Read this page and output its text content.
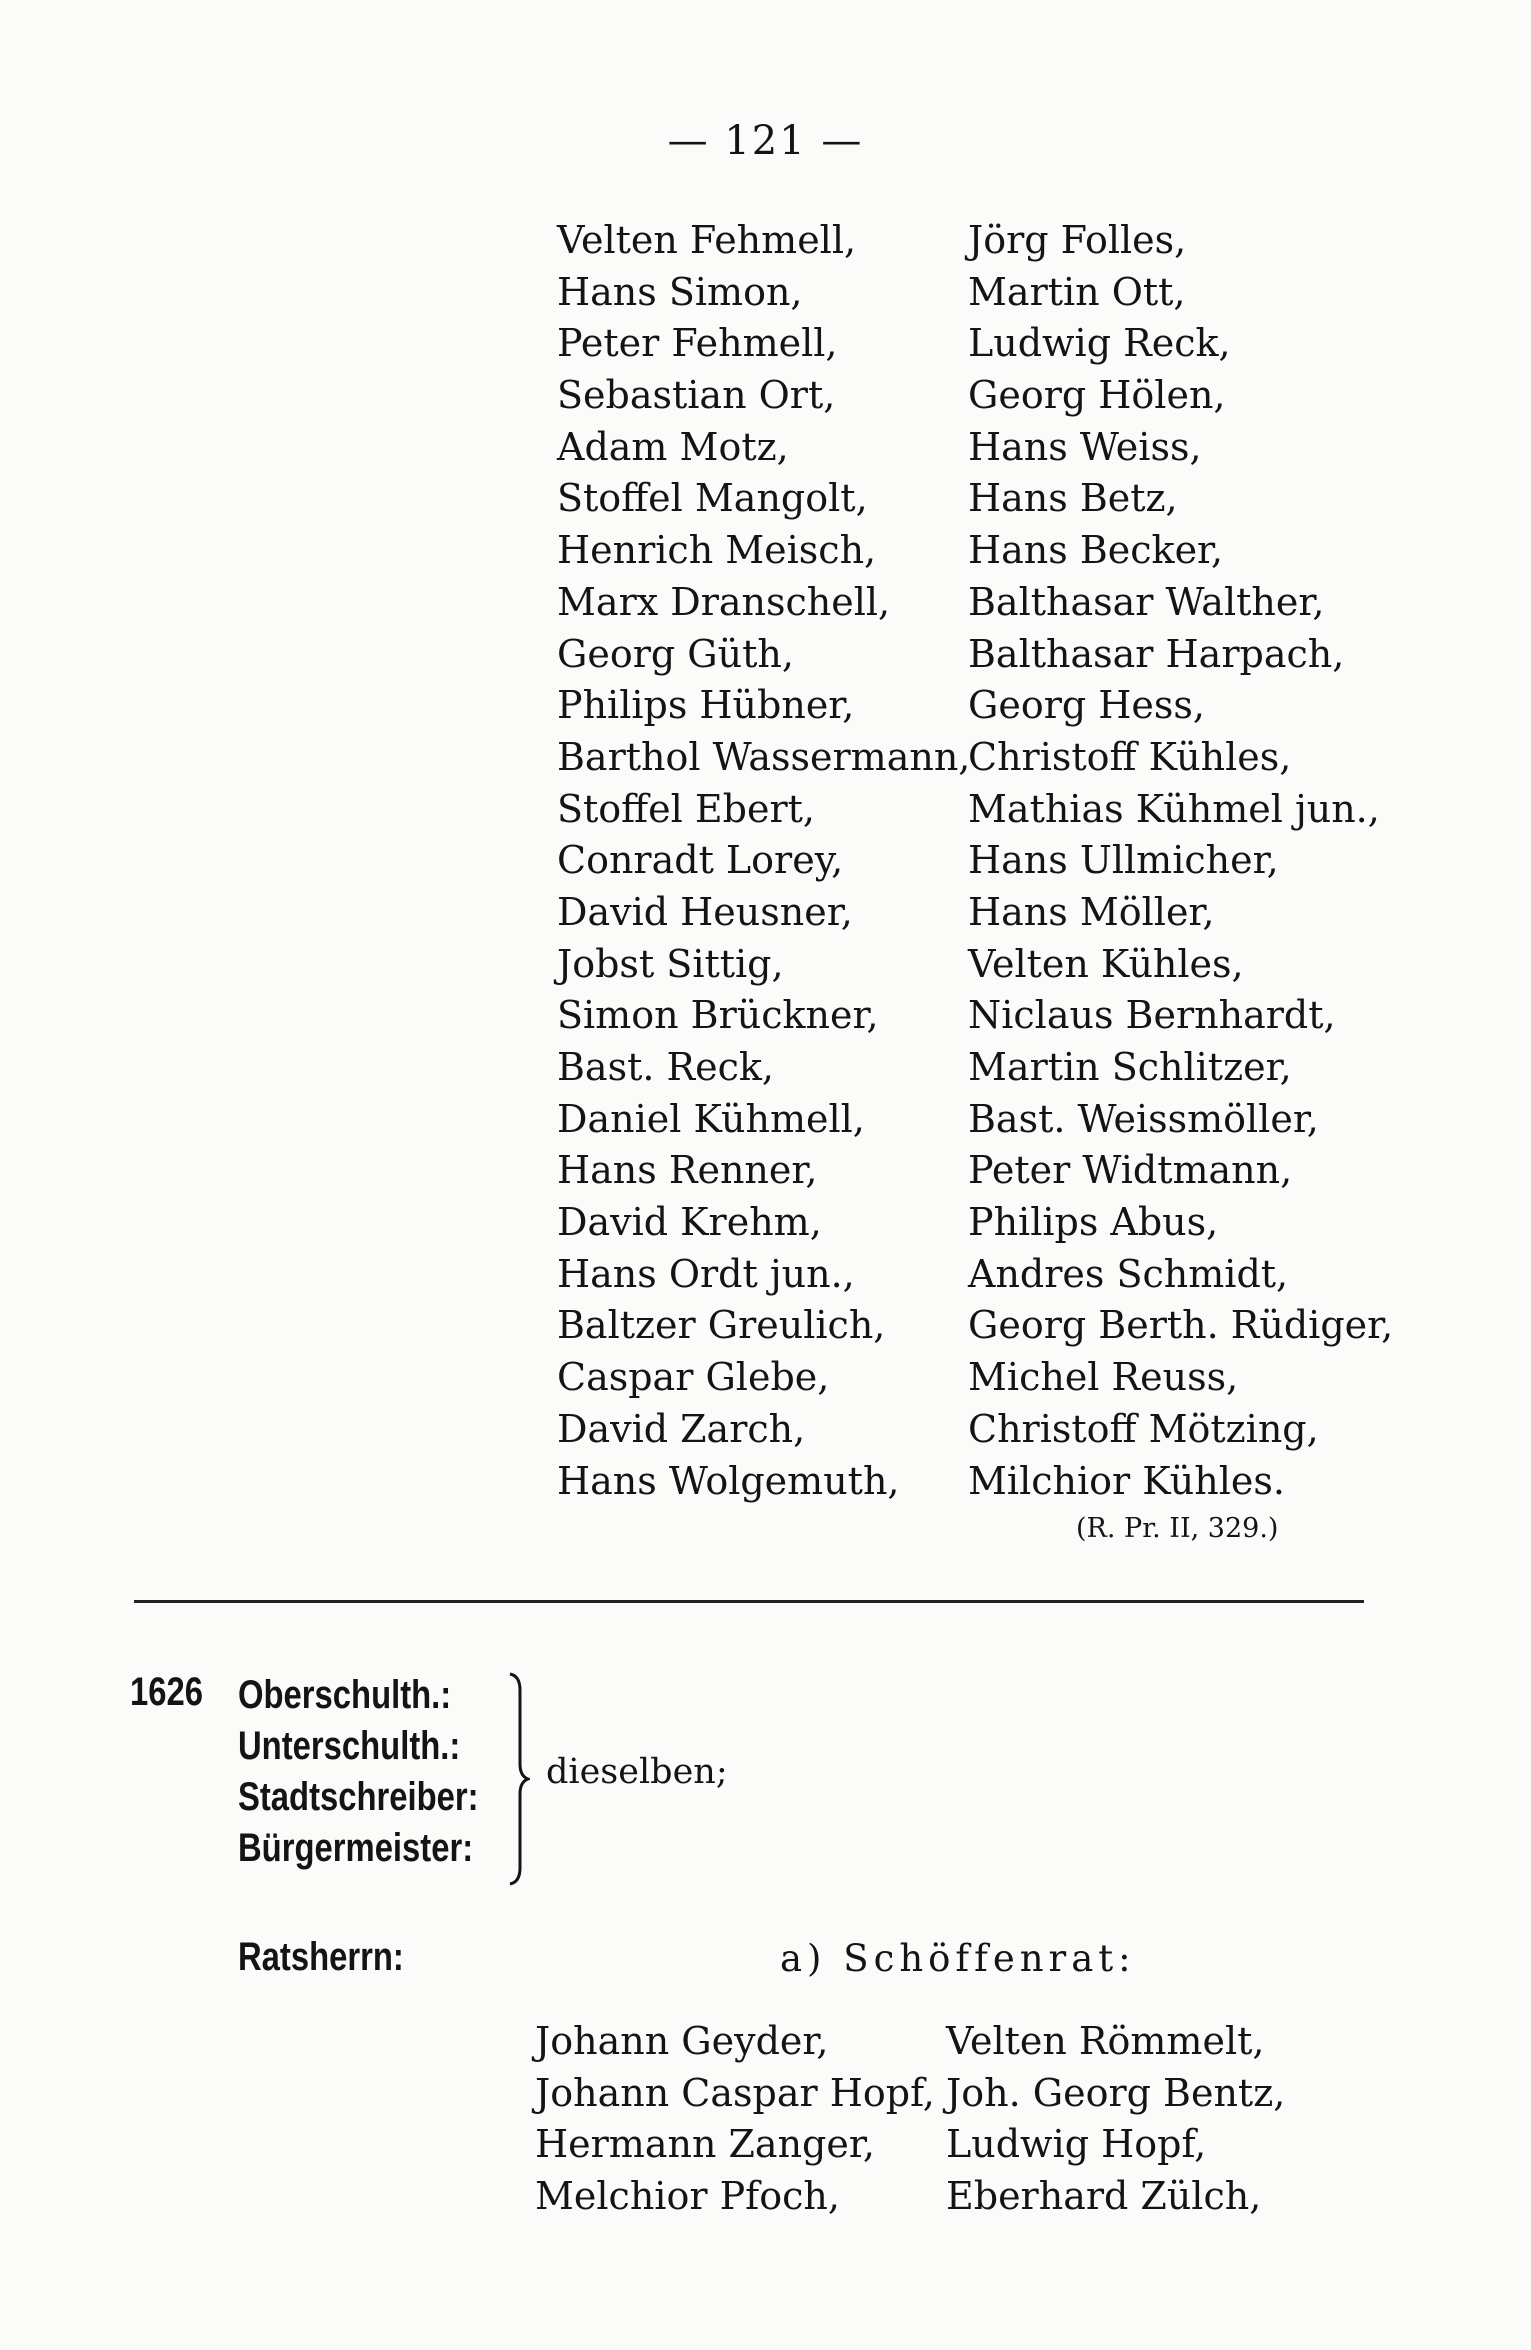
— 121 —
Velten Fehmell,
Hans Simon,
Peter Fehmell,
Sebastian Ort,
Adam Motz,
Stoffel Mangolt,
Henrich Meisch,
Marx Dranschell,
Georg Güth,
Philips Hübner,
Barthol Wassermann,
Stoffel Ebert,
Conradt Lorey,
David Heusner,
Jobst Sittig,
Simon Brückner,
Bast. Reck,
Daniel Kühmell,
Hans Renner,
David Krehm,
Hans Ordt jun.,
Baltzer Greulich,
Caspar Glebe,
David Zarch,
Hans Wolgemuth,
Jörg Folles,
Martin Ott,
Ludwig Reck,
Georg Hölen,
Hans Weiss,
Hans Betz,
Hans Becker,
Balthasar Walther,
Balthasar Harpach,
Georg Hess,
Christoff Kühles,
Mathias Kühmel jun.,
Hans Ullmicher,
Hans Möller,
Velten Kühles,
Niclaus Bernhardt,
Martin Schlitzer,
Bast. Weissmöller,
Peter Widtmann,
Philips Abus,
Andres Schmidt,
Georg Berth. Rüdiger,
Michel Reuss,
Christoff Mötzing,
Milchior Kühles.
(R. Pr. II, 329.)
1626 Oberschulth.:
Unterschulth.:
Stadtschreiber:
Bürgermeister:
dieselben;
Ratsherrn:	a) Schöffenrat:
Johann Geyder,
Johann Caspar Hopf,
Hermann Zanger,
Melchior Pfoch,
Velten Römmelt,
Joh. Georg Bentz,
Ludwig Hopf,
Eberhard Zülch,
